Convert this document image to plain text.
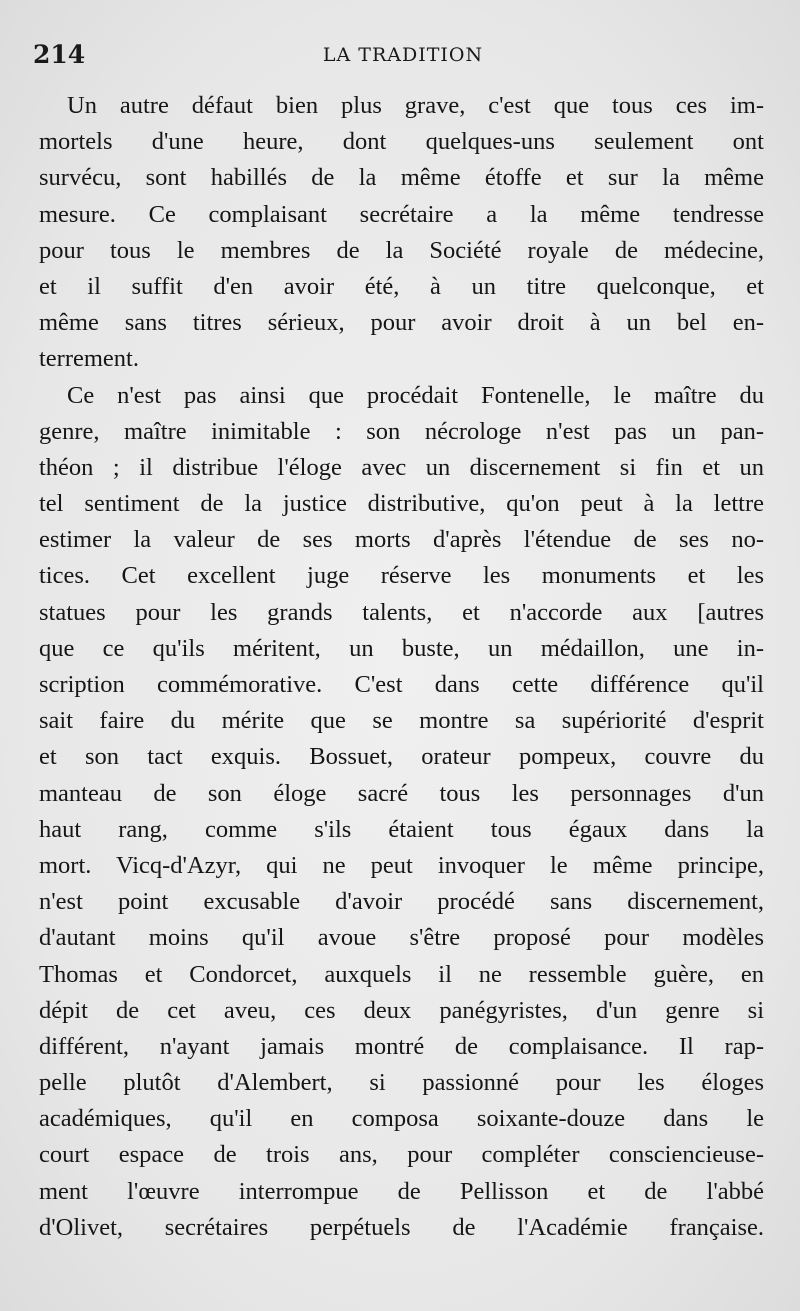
214	LA TRADITION
Un autre défaut bien plus grave, c'est que tous ces im-
mortels d'une heure, dont quelques-uns seulement ont
survécu, sont habillés de la même étoffe et sur la même
mesure. Ce complaisant secrétaire a la même tendresse
pour tous le membres de la Société royale de médecine,
et il suffit d'en avoir été, à un titre quelconque, et
même sans titres sérieux, pour avoir droit à un bel en-
terrement.
Ce n'est pas ainsi que procédait Fontenelle, le maître du
genre, maître inimitable : son nécrologe n'est pas un pan-
théon ; il distribue l'éloge avec un discernement si fin et un
tel sentiment de la justice distributive, qu'on peut à la lettre
estimer la valeur de ses morts d'après l'étendue de ses no-
tices. Cet excellent juge réserve les monuments et les
statues pour les grands talents, et n'accorde aux [autres
que ce qu'ils méritent, un buste, un médaillon, une in-
scription commémorative. C'est dans cette différence qu'il
sait faire du mérite que se montre sa supériorité d'esprit
et son tact exquis. Bossuet, orateur pompeux, couvre du
manteau de son éloge sacré tous les personnages d'un
haut rang, comme s'ils étaient tous égaux dans la
mort. Vicq-d'Azyr, qui ne peut invoquer le même principe,
n'est point excusable d'avoir procédé sans discernement,
d'autant moins qu'il avoue s'être proposé pour modèles
Thomas et Condorcet, auxquels il ne ressemble guère, en
dépit de cet aveu, ces deux panégyristes, d'un genre si
différent, n'ayant jamais montré de complaisance. Il rap-
pelle plutôt d'Alembert, si passionné pour les éloges
académiques, qu'il en composa soixante-douze dans le
court espace de trois ans, pour compléter consciencieuse-
ment l'œuvre interrompue de Pellisson et de l'abbé
d'Olivet, secrétaires perpétuels de l'Académie française.
